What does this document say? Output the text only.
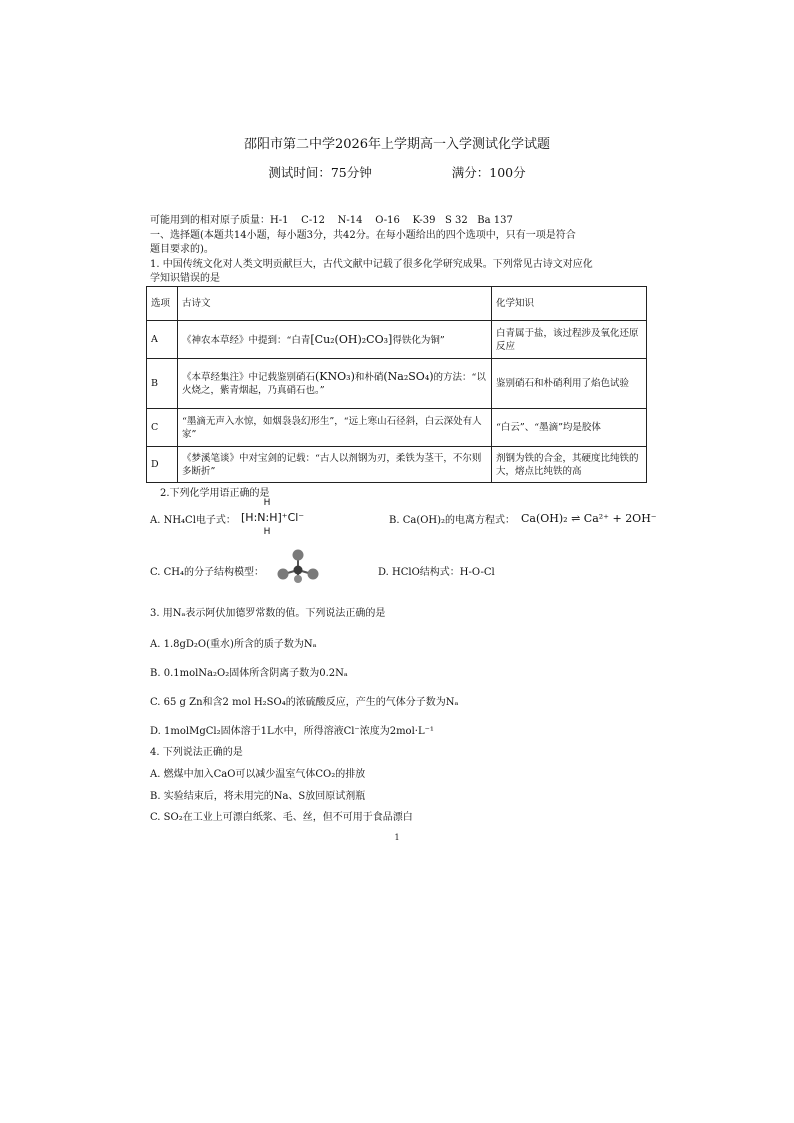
邵阳市第二中学2026年上学期高一入学测试化学试题
测试时间：75分钟	满分：100分
可能用到的相对原子质量：H-1    C-12    N-14    O-16    K-39   S 32   Ba 137
一、选择题(本题共14小题，每小题3分，共42分。在每小题给出的四个选项中，只有一项是符合
题目要求的)。
1. 中国传统文化对人类文明贡献巨大，古代文献中记载了很多化学研究成果。下列常见古诗文对应化
学知识错误的是
选项	古诗文	化学知识
A	《神农本草经》中提到：“白青[Cu₂(OH)₂CO₃]得铁化为铜”	白青属于盐，该过程涉及氧化还原反应
B	《本草经集注》中记载鉴别硝石(KNO₃)和朴硝(Na₂SO₄)的方法：“以火烧之，紫青烟起，乃真硝石也。”	鉴别硝石和朴硝利用了焰色试验
C	“墨滴无声入水惊，如烟袅袅幻形生”，“远上寒山石径斜，白云深处有人家”	“白云”、“墨滴”均是胶体
D	《梦溪笔谈》中对宝剑的记载：“古人以剂钢为刃，柔铁为茎干，不尔则多断折”	剂钢为铁的合金，其硬度比纯铁的大，熔点比纯铁的高
2.下列化学用语正确的是
A. NH₄Cl电子式：
H
[H:N:H]⁺Cl⁻
H
B. Ca(OH)₂的电离方程式： Ca(OH)₂ ⇌ Ca²⁺ + 2OH⁻
C. CH₄的分子结构模型：	D. HClO结构式：H-O-Cl
3. 用Nₐ表示阿伏加德罗常数的值。下列说法正确的是
A. 1.8gD₂O(重水)所含的质子数为Nₐ
B. 0.1molNa₂O₂固体所含阴离子数为0.2Nₐ
C. 65 g Zn和含2 mol H₂SO₄的浓硫酸反应，产生的气体分子数为Nₐ
D. 1molMgCl₂固体溶于1L水中，所得溶液Cl⁻浓度为2mol·L⁻¹
4. 下列说法正确的是
A. 燃煤中加入CaO可以减少温室气体CO₂的排放
B. 实验结束后，将未用完的Na、S放回原试剂瓶
C. SO₂在工业上可漂白纸浆、毛、丝，但不可用于食品漂白
1
